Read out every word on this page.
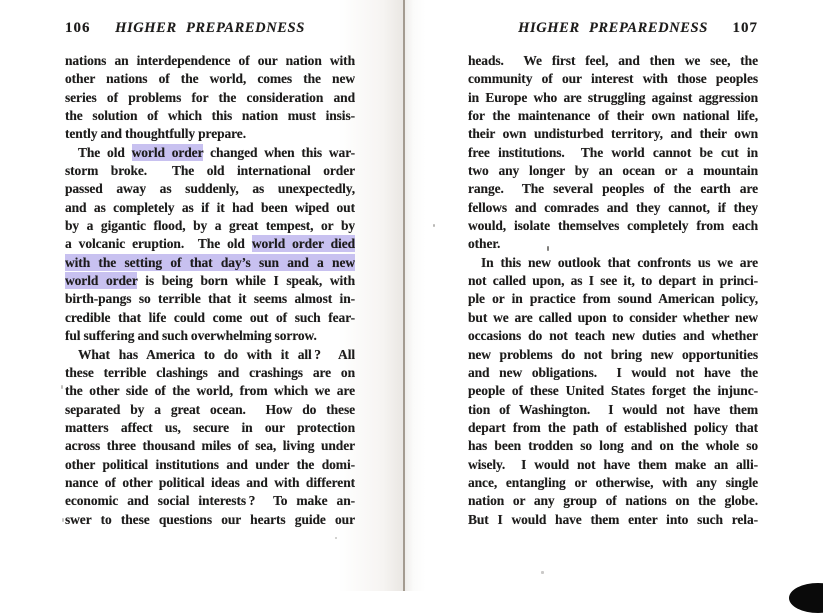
106 HIGHER PREPAREDNESS
nations an interdependence of our nation with
other nations of the world, comes the new
series of problems for the consideration and
the solution of which this nation must insis-
tently and thoughtfully prepare.
The old world order changed when this war-
storm broke.  The old international order
passed away as suddenly, as unexpectedly,
and as completely as if it had been wiped out
by a gigantic flood, by a great tempest, or by
a volcanic eruption.  The old world order died
with the setting of that day’s sun and a new
world order is being born while I speak, with
birth-pangs so terrible that it seems almost in-
credible that life could come out of such fear-
ful suffering and such overwhelming sorrow.
What has America to do with it all ?  All
these terrible clashings and crashings are on
the other side of the world, from which we are
separated by a great ocean.  How do these
matters affect us, secure in our protection
across three thousand miles of sea, living under
other political institutions and under the domi-
nance of other political ideas and with different
economic and social interests ?  To make an-
swer to these questions our hearts guide our
HIGHER PREPAREDNESS 107
heads.  We first feel, and then we see, the
community of our interest with those peoples
in Europe who are struggling against aggression
for the maintenance of their own national life,
their own undisturbed territory, and their own
free institutions.  The world cannot be cut in
two any longer by an ocean or a mountain
range.  The several peoples of the earth are
fellows and comrades and they cannot, if they
would, isolate themselves completely from each
other.
In this new outlook that confronts us we are
not called upon, as I see it, to depart in princi-
ple or in practice from sound American policy,
but we are called upon to consider whether new
occasions do not teach new duties and whether
new problems do not bring new opportunities
and new obligations.  I would not have the
people of these United States forget the injunc-
tion of Washington.  I would not have them
depart from the path of established policy that
has been trodden so long and on the whole so
wisely.  I would not have them make an alli-
ance, entangling or otherwise, with any single
nation or any group of nations on the globe.
But I would have them enter into such rela-
